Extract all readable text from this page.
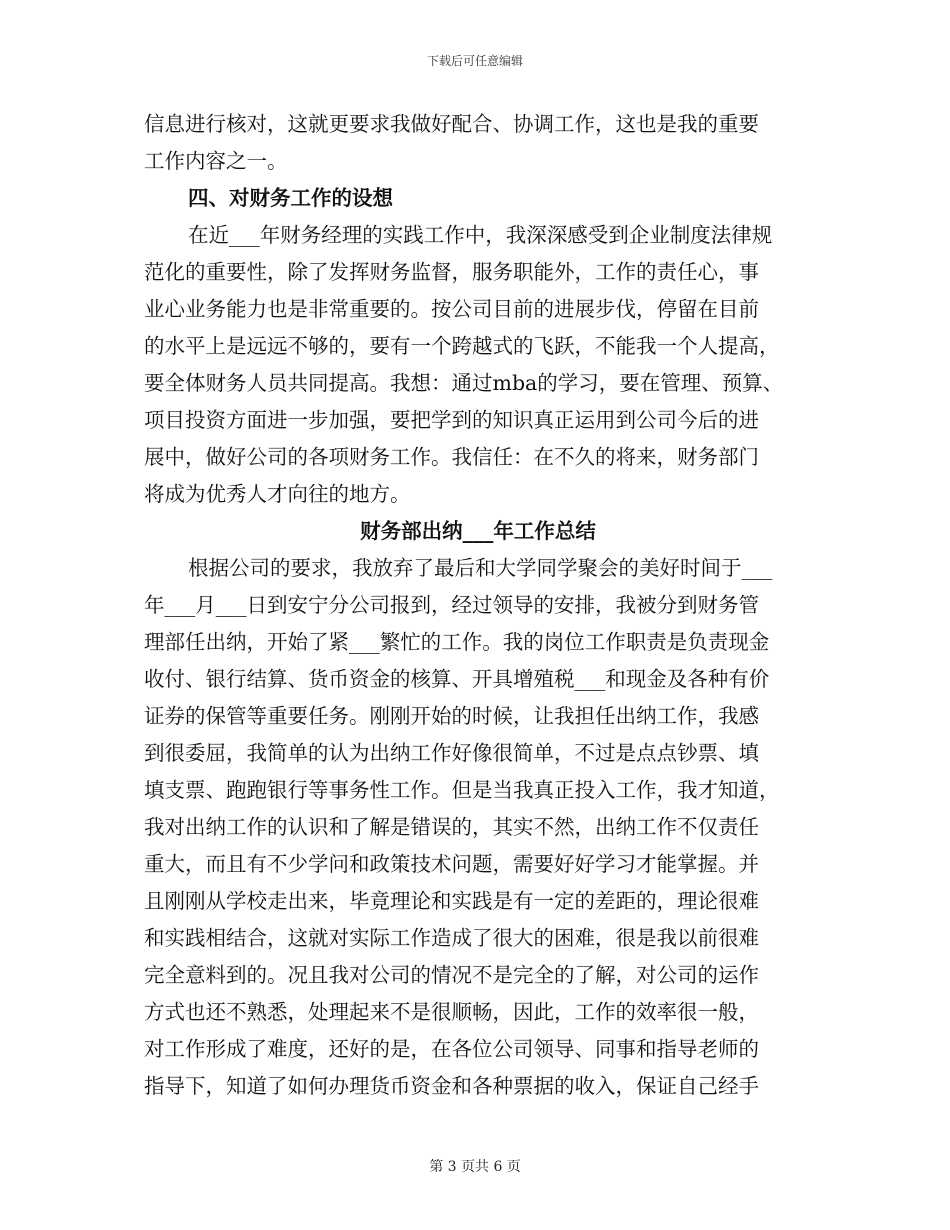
下载后可任意编辑
信息进行核对，这就更要求我做好配合、协调工作，这也是我的重要
工作内容之一。
四、对财务工作的设想
在近___年财务经理的实践工作中，我深深感受到企业制度法律规
范化的重要性，除了发挥财务监督，服务职能外，工作的责任心，事
业心业务能力也是非常重要的。按公司目前的进展步伐，停留在目前
的水平上是远远不够的，要有一个跨越式的飞跃，不能我一个人提高，
要全体财务人员共同提高。我想：通过mba的学习，要在管理、预算、
项目投资方面进一步加强，要把学到的知识真正运用到公司今后的进
展中，做好公司的各项财务工作。我信任：在不久的将来，财务部门
将成为优秀人才向往的地方。
财务部出纳___年工作总结
根据公司的要求，我放弃了最后和大学同学聚会的美好时间于___
年___月___日到安宁分公司报到，经过领导的安排，我被分到财务管
理部任出纳，开始了紧___繁忙的工作。我的岗位工作职责是负责现金
收付、银行结算、货币资金的核算、开具增殖税___和现金及各种有价
证券的保管等重要任务。刚刚开始的时候，让我担任出纳工作，我感
到很委屈，我简单的认为出纳工作好像很简单，不过是点点钞票、填
填支票、跑跑银行等事务性工作。但是当我真正投入工作，我才知道，
我对出纳工作的认识和了解是错误的，其实不然，出纳工作不仅责任
重大，而且有不少学问和政策技术问题，需要好好学习才能掌握。并
且刚刚从学校走出来，毕竟理论和实践是有一定的差距的，理论很难
和实践相结合，这就对实际工作造成了很大的困难，很是我以前很难
完全意料到的。况且我对公司的情况不是完全的了解，对公司的运作
方式也还不熟悉，处理起来不是很顺畅，因此，工作的效率很一般，
对工作形成了难度，还好的是，在各位公司领导、同事和指导老师的
指导下，知道了如何办理货币资金和各种票据的收入，保证自己经手
第 3 页共 6 页
